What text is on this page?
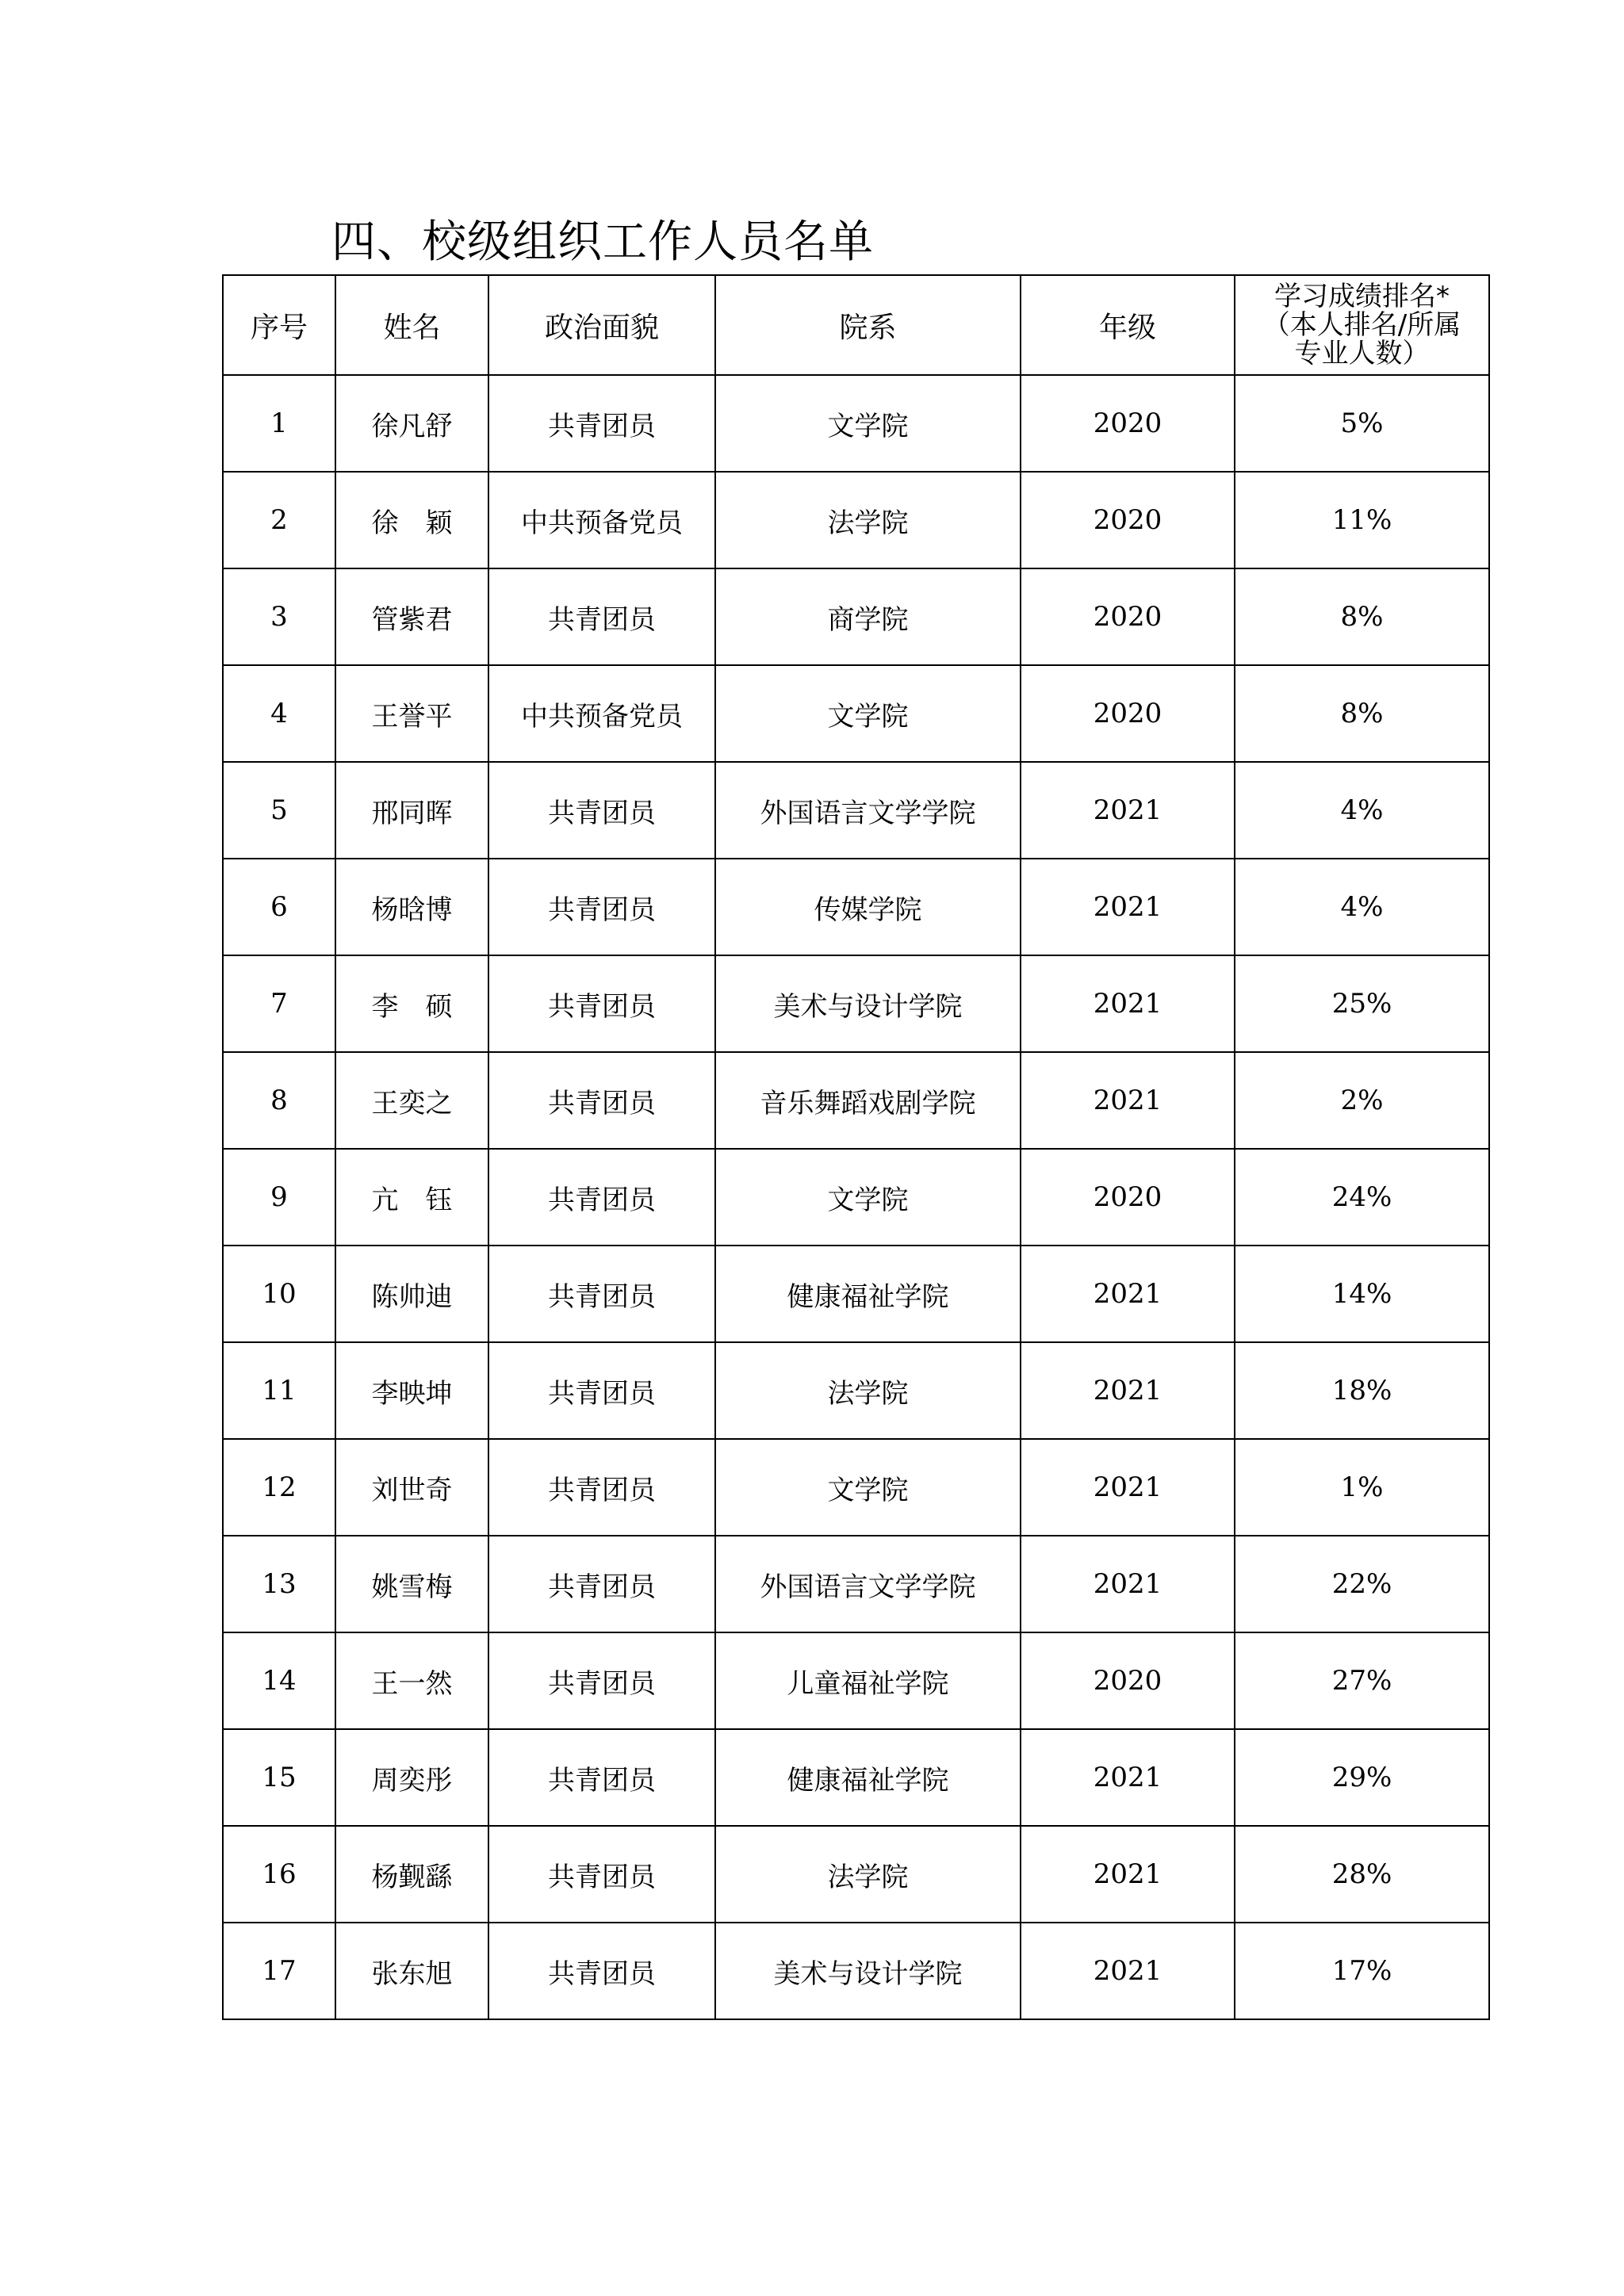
四、校级组织工作人员名单
序号	姓名	政治面貌	院系	年级	学习成绩排名*
（本人排名/所属
专业人数）

1	徐凡舒	共青团员	文学院	2020	5%
2	徐　颖	中共预备党员	法学院	2020	11%
3	管紫君	共青团员	商学院	2020	8%
4	王誉平	中共预备党员	文学院	2020	8%
5	邢同晖	共青团员	外国语言文学学院	2021	4%
6	杨晗博	共青团员	传媒学院	2021	4%
7	李　硕	共青团员	美术与设计学院	2021	25%
8	王奕之	共青团员	音乐舞蹈戏剧学院	2021	2%
9	亢　钰	共青团员	文学院	2020	24%
10	陈帅迪	共青团员	健康福祉学院	2021	14%
11	李映坤	共青团员	法学院	2021	18%
12	刘世奇	共青团员	文学院	2021	1%
13	姚雪梅	共青团员	外国语言文学学院	2021	22%
14	王一然	共青团员	儿童福祉学院	2020	27%
15	周奕彤	共青团员	健康福祉学院	2021	29%
16	杨觐繇	共青团员	法学院	2021	28%
17	张东旭	共青团员	美术与设计学院	2021	17%
